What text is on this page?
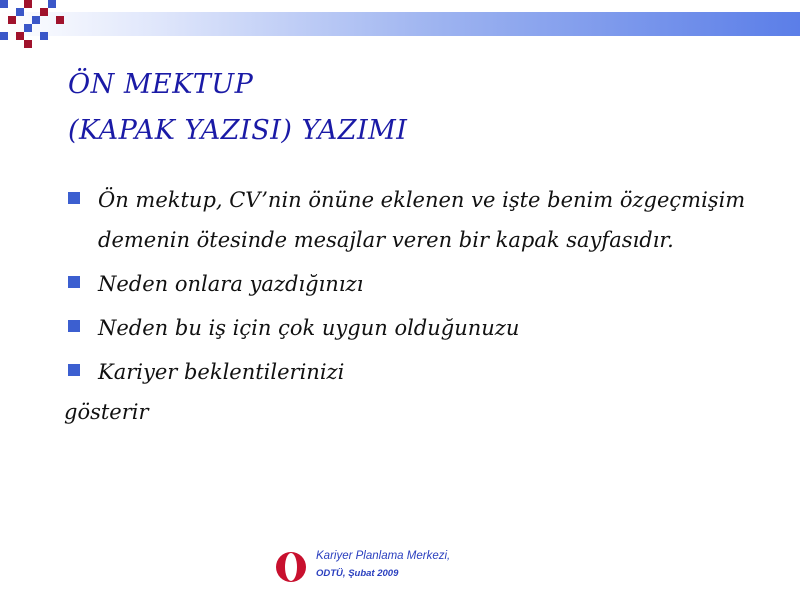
ÖN MEKTUP
(KAPAK YAZISI) YAZIMI
Ön mektup, CV’nin önüne eklenen ve işte benim özgeçmişim demenin ötesinde mesajlar veren bir kapak sayfasıdır.
Neden onlara yazdığınızı
Neden bu iş için çok uygun olduğunuzu
Kariyer beklentilerinizi
gösterir
Kariyer Planlama Merkezi,
ODTÜ, Şubat 2009
